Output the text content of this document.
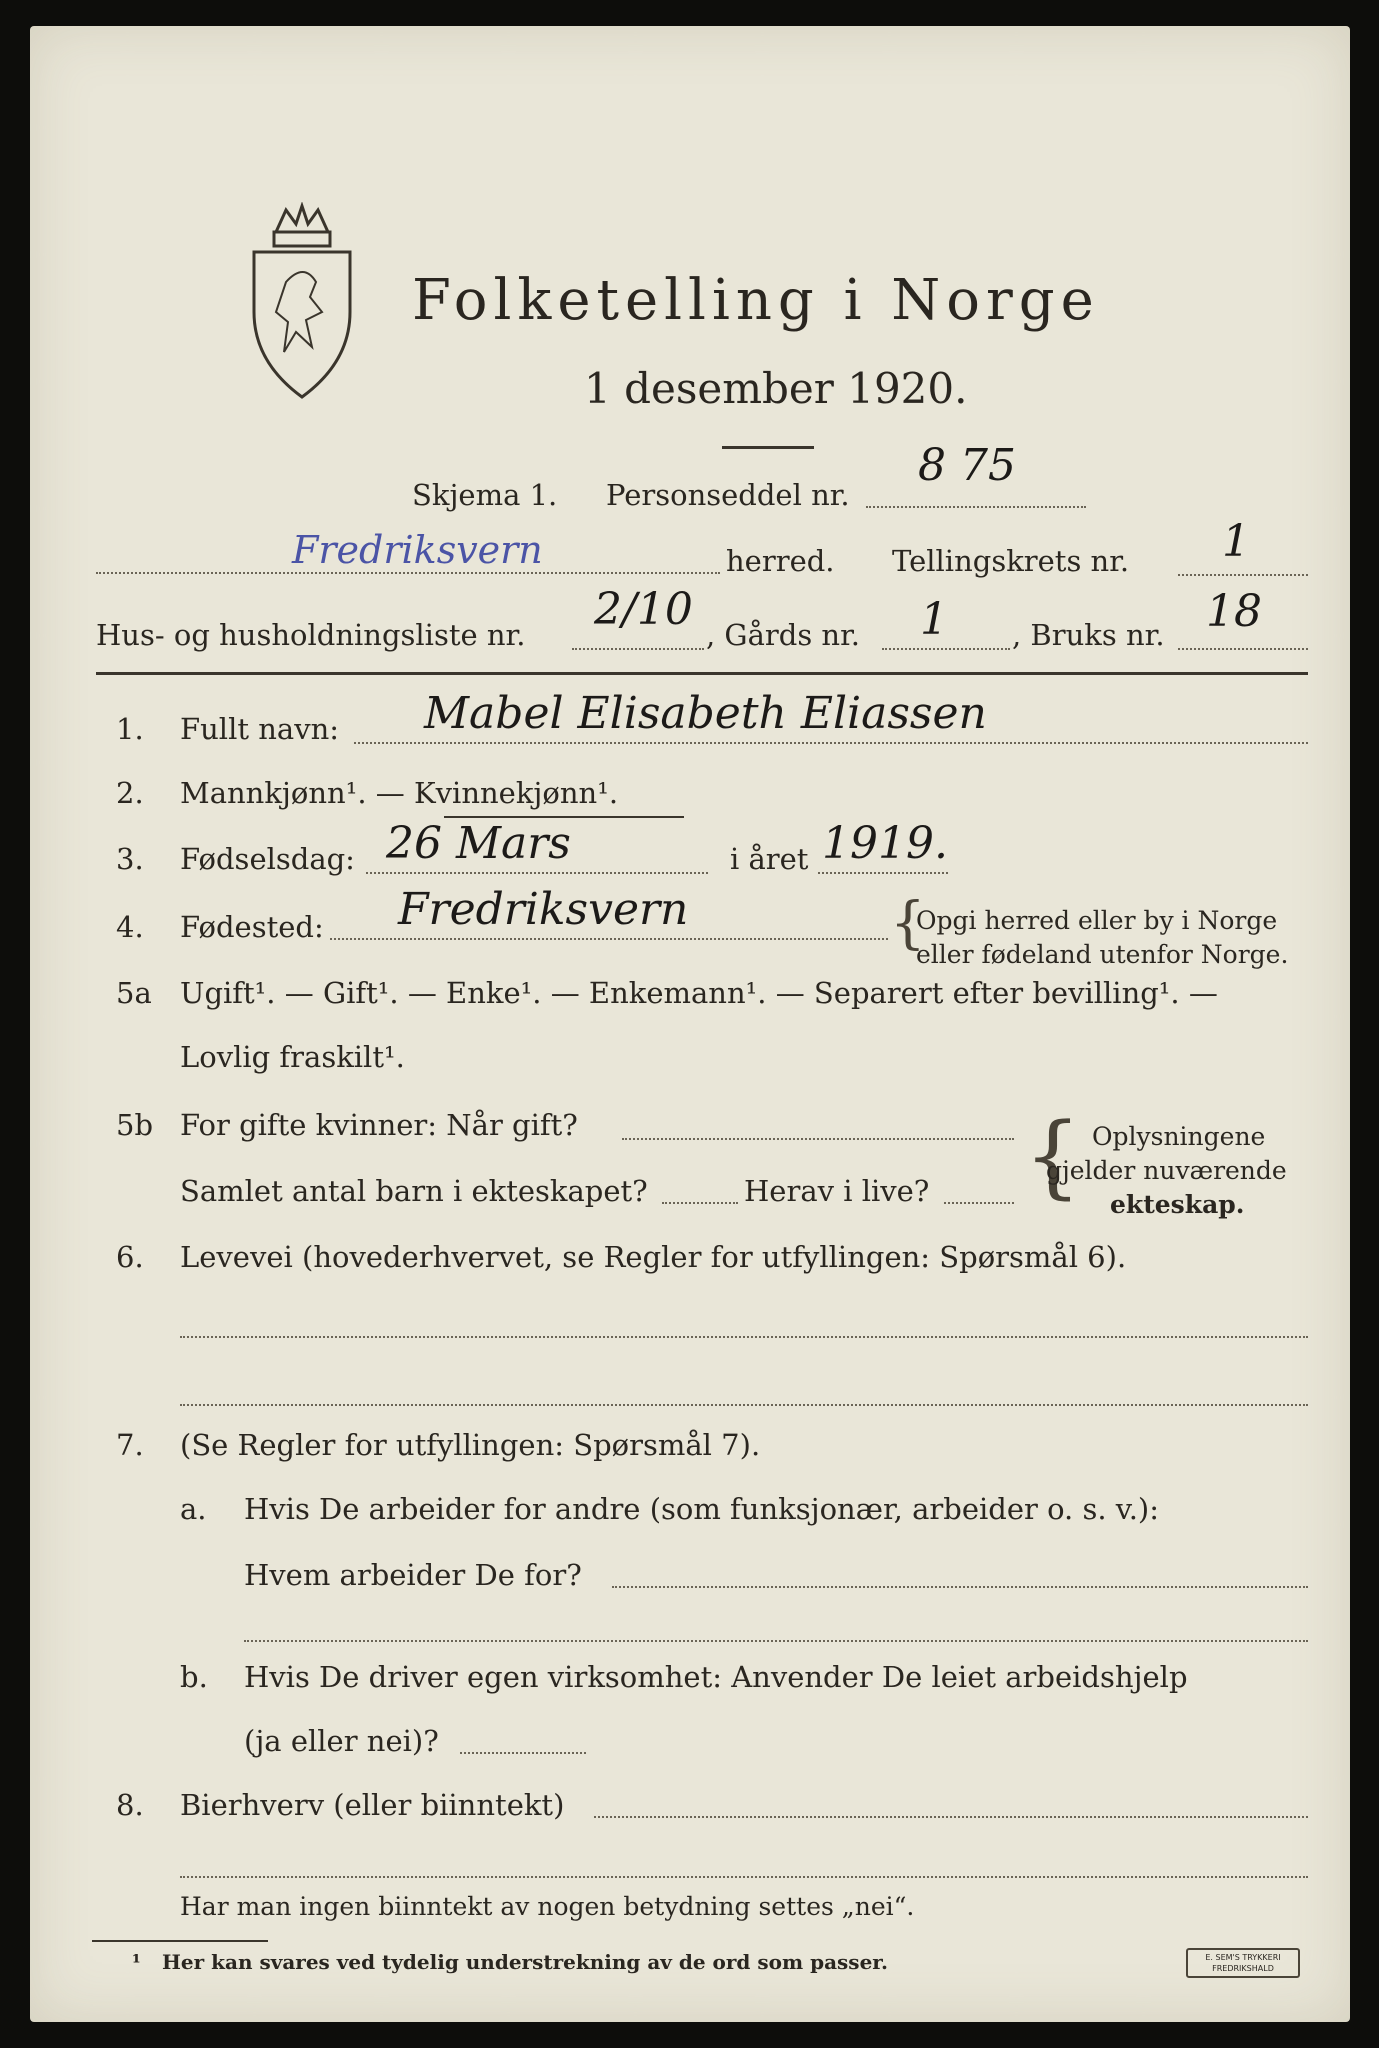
Folketelling i Norge
1 desember 1920.
Skjema 1. Personseddel nr.
8 75
Fredriksvern	herred. Tellingskrets nr. 1
Hus- og husholdningsliste nr. 2/10 , Gårds nr. 1 , Bruks nr. 18
1. Fullt navn: Mabel Elisabeth Eliassen
2. Mannkjønn¹. — Kvinnekjønn¹.
3. Fødselsdag: 26 Mars	i året 1919.
4. Fødested: Fredriksvern	{
Opgi herred eller by i Norge
eller fødeland utenfor Norge.
5a Ugift¹. — Gift¹. — Enke¹. — Enkemann¹. — Separert efter bevilling¹. —
Lovlig fraskilt¹.
5b For gifte kvinner: Når gift?
Samlet antal barn i ekteskapet?	Herav i live? { Oplysningene
gjelder nuværende
ekteskap.
6. Levevei (hovederhvervet, se Regler for utfyllingen: Spørsmål 6).
7. (Se Regler for utfyllingen: Spørsmål 7).
a. Hvis De arbeider for andre (som funksjonær, arbeider o. s. v.):
Hvem arbeider De for?
b. Hvis De driver egen virksomhet: Anvender De leiet arbeidshjelp
(ja eller nei)?
8. Bierhverv (eller biinntekt)
Har man ingen biinntekt av nogen betydning settes „nei“.
¹ Her kan svares ved tydelig understrekning av de ord som passer.	E. SEM'S TRYKKERI
FREDRIKSHALD
